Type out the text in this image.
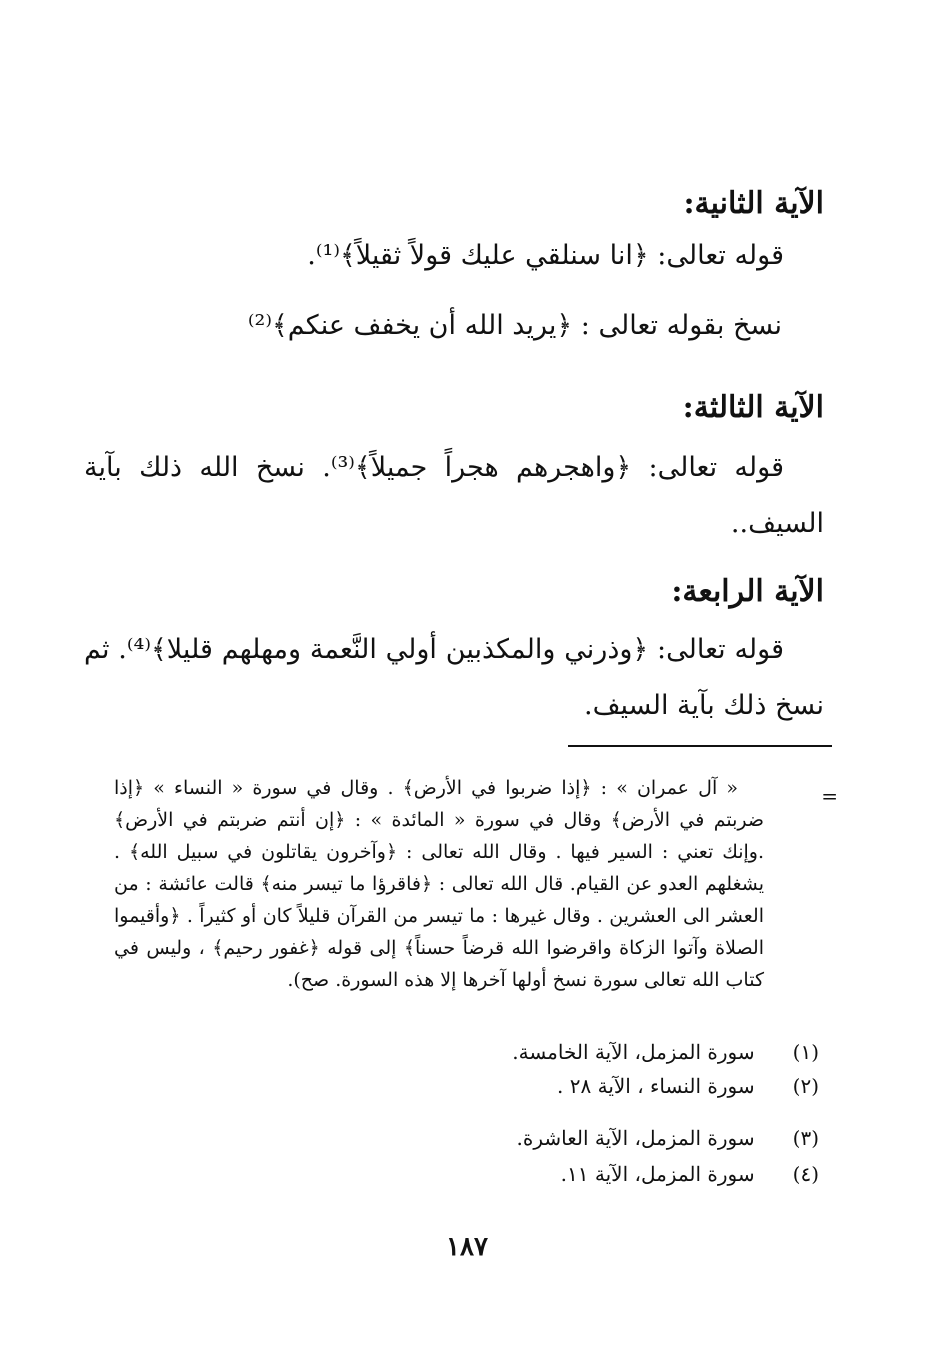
الآية الثانية:
قوله تعالى: ﴿انا سنلقي عليك قولاً ثقيلاً﴾⁽¹⁾.
نسخ بقوله تعالى : ﴿يريد الله أن يخفف عنكم﴾⁽²⁾
الآية الثالثة:
قوله تعالى: ﴿واهجرهم هجراً جميلاً﴾⁽³⁾. نسخ الله ذلك بآية السيف..
الآية الرابعة:
قوله تعالى: ﴿وذرني والمكذبين أولي النَّعمة ومهلهم قليلا﴾⁽⁴⁾. ثم نسخ ذلك بآية السيف.
=
« آل عمران » : ﴿إذا ضربوا في الأرض﴾ . وقال في سورة « النساء » ﴿إذا ضربتم في الأرض﴾ وقال في سورة « المائدة » : ﴿إن أنتم ضربتم في الأرض﴾ .وإنك تعني : السير فيها . وقال الله تعالى : ﴿وآخرون يقاتلون في سبيل الله﴾ . يشغلهم العدو عن القيام. قال الله تعالى : ﴿فاقرؤا ما تيسر منه﴾ قالت عائشة : من العشر الى العشرين . وقال غيرها : ما تيسر من القرآن قليلاً كان أو كثيراً . ﴿وأقيموا الصلاة وآتوا الزكاة واقرضوا الله قرضاً حسناً﴾ إلى قوله ﴿غفور رحيم﴾ ، وليس في كتاب الله تعالى سورة نسخ أولها آخرها إلا هذه السورة. صح).
(١) سورة المزمل، الآية الخامسة.
(٢) سورة النساء ، الآية ٢٨ .
(٣) سورة المزمل، الآية العاشرة.
(٤) سورة المزمل، الآية ١١.
١٨٧
